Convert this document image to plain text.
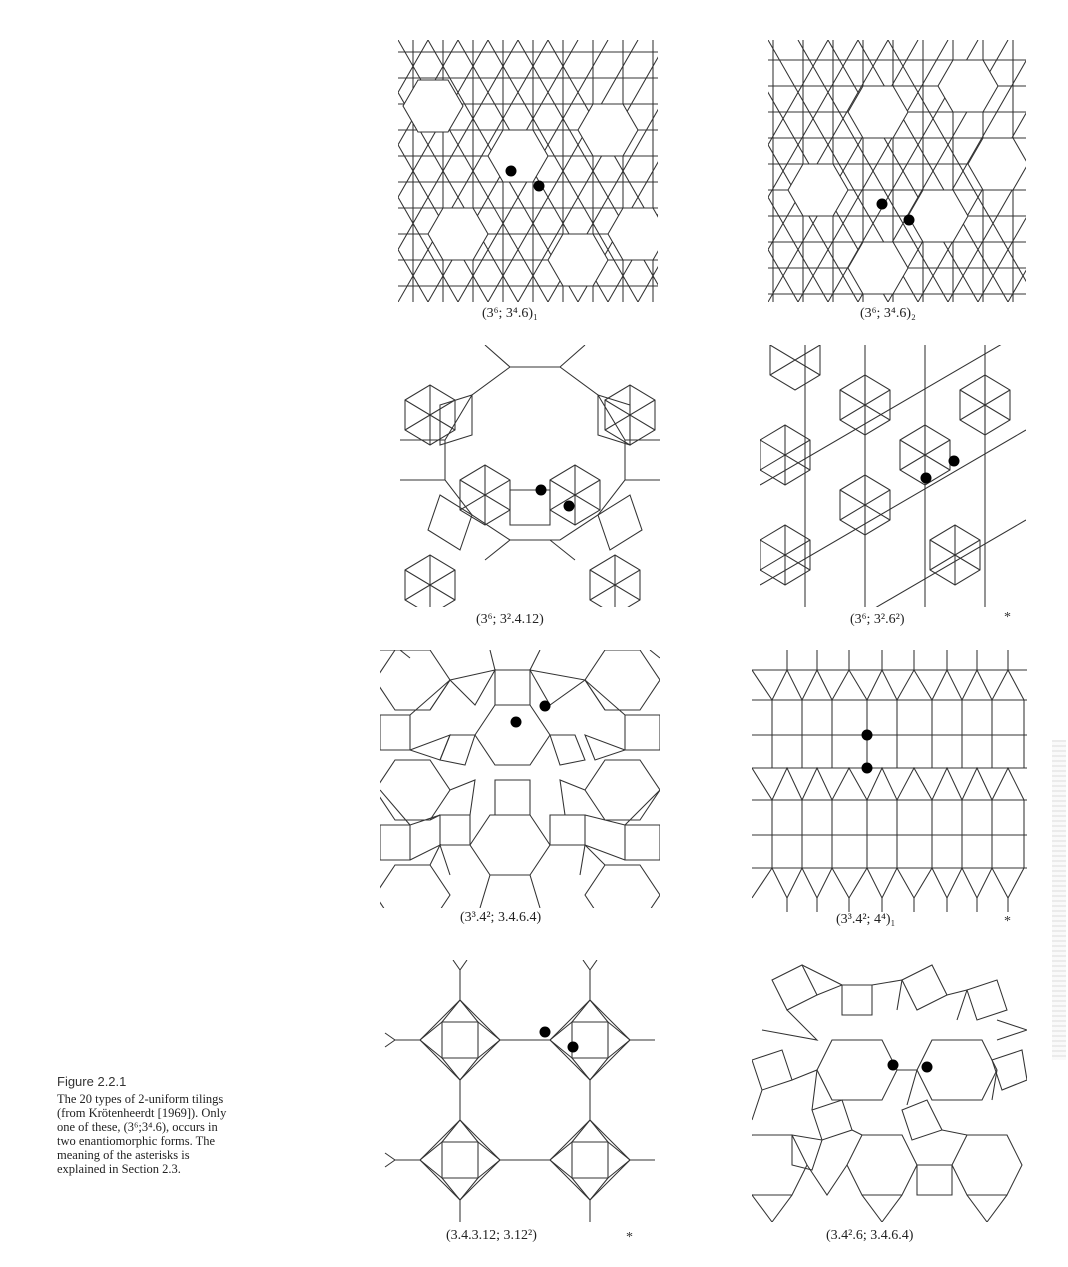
(3⁶; 3⁴.6)₁	(3⁶; 3⁴.6)₂
(3⁶; 3².4.12)	(3⁶; 3².6²)	*
(3³.4²; 3.4.6.4)	(3³.4²; 4⁴)₁	*
(3.4.3.12; 3.12²)	*	(3.4².6; 3.4.6.4)
Figure 2.2.1
The 20 types of 2-uniform tilings (from Krötenheerdt [1969]). Only one of these, (3⁶;3⁴.6), occurs in two enantiomorphic forms. The meaning of the asterisks is explained in Section 2.3.
